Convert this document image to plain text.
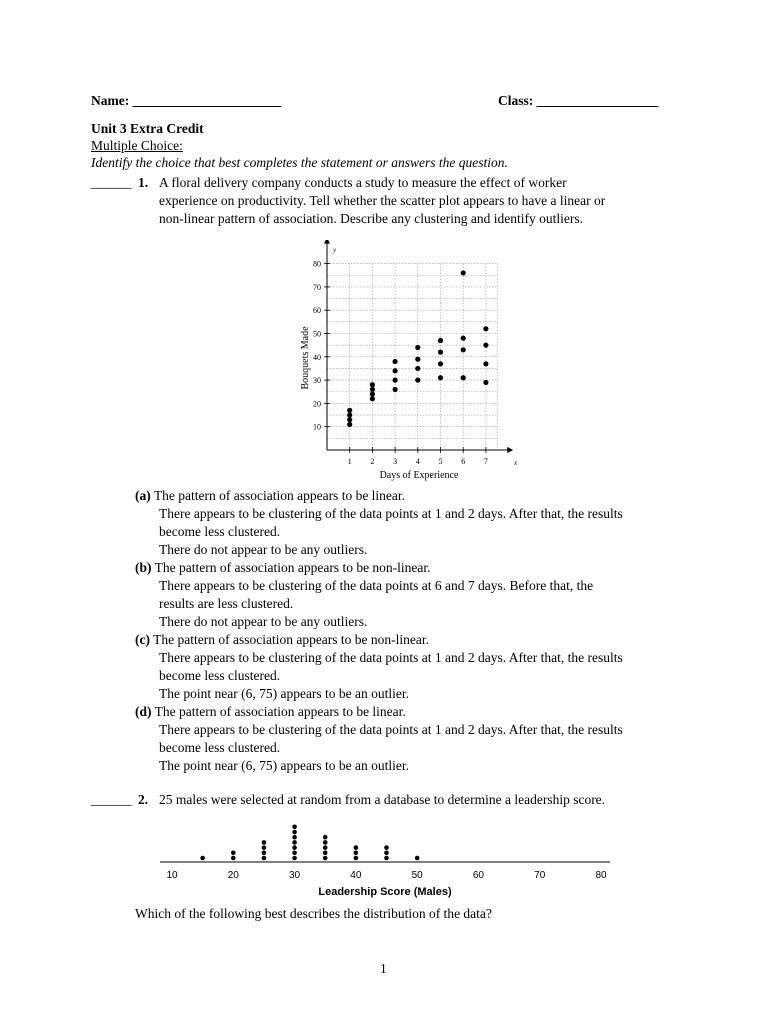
Name: ______________________	Class: __________________
Unit 3 Extra Credit
Multiple Choice:
Identify the choice that best completes the statement or answers the question.
______ 1. A floral delivery company conducts a study to measure the effect of worker
experience on productivity. Tell whether the scatter plot appears to have a linear or
non-linear pattern of association. Describe any clustering and identify outliers.
1 2 3 4 5 6 7
10
20
30
40
50
60
70
80
Days of Experience
Bouquets Made
x
y
(a) The pattern of association appears to be linear.
There appears to be clustering of the data points at 1 and 2 days. After that, the results
become less clustered.
There do not appear to be any outliers.
(b) The pattern of association appears to be non-linear.
There appears to be clustering of the data points at 6 and 7 days. Before that, the
results are less clustered.
There do not appear to be any outliers.
(c) The pattern of association appears to be non-linear.
There appears to be clustering of the data points at 1 and 2 days. After that, the results
become less clustered.
The point near (6, 75) appears to be an outlier.
(d) The pattern of association appears to be linear.
There appears to be clustering of the data points at 1 and 2 days. After that, the results
become less clustered.
The point near (6, 75) appears to be an outlier.
______ 2. 25 males were selected at random from a database to determine a leadership score.
10	20	30	40	50	60	70	80
Leadership Score (Males)
Which of the following best describes the distribution of the data?
1
